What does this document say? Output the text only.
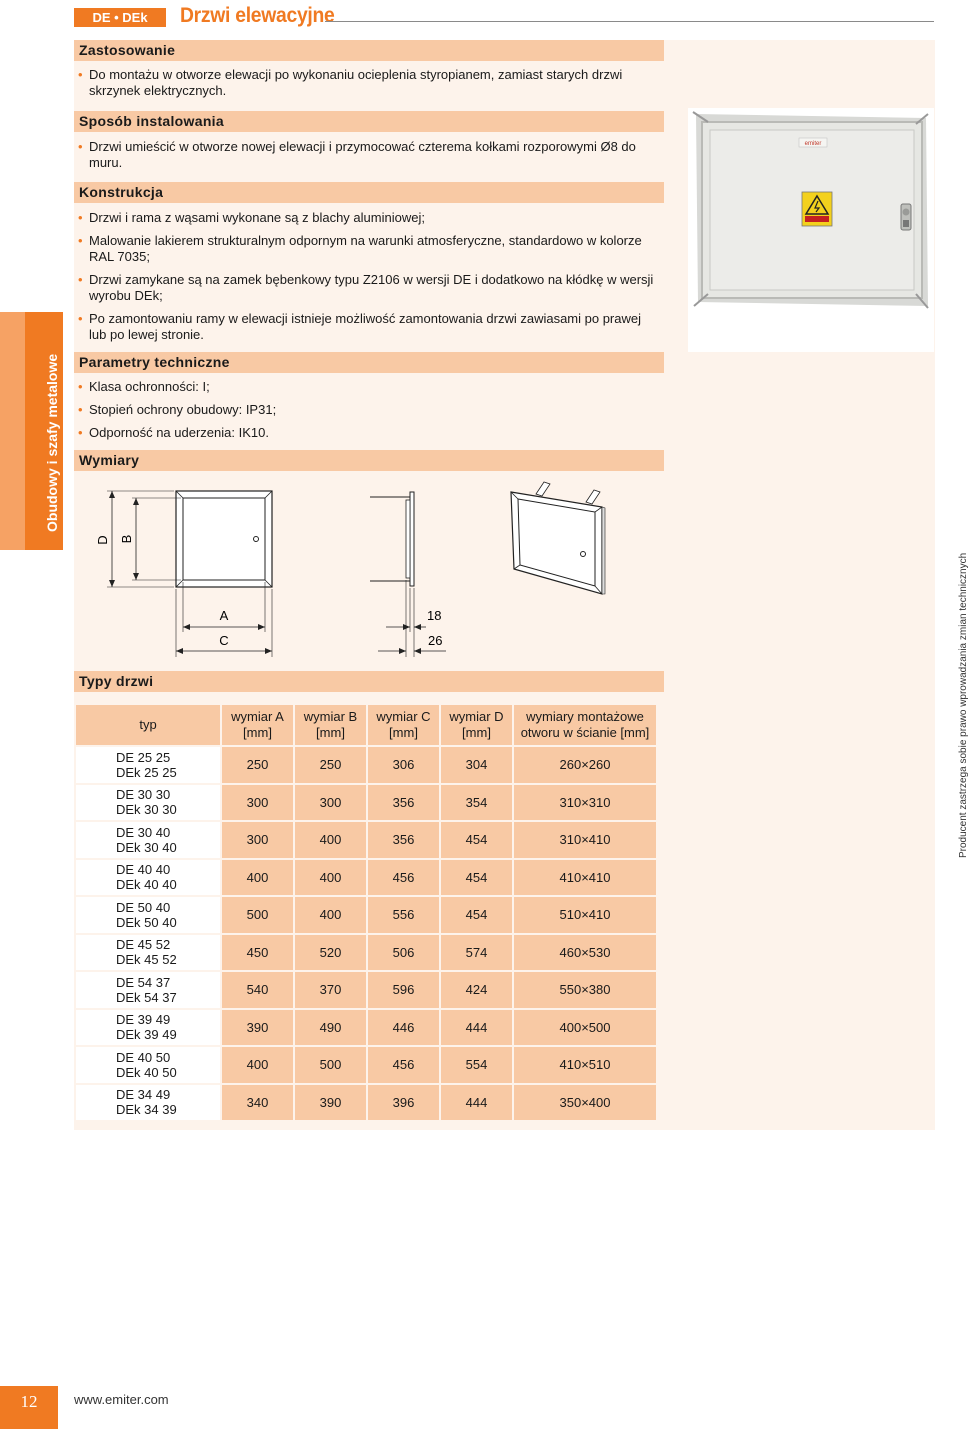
DE • DEk	Drzwi elewacyjne
Obudowy i szafy metalowe
Producent zastrzega sobie prawo wprowadzania zmian technicznych
Zastosowanie
• Do montażu w otworze elewacji po wykonaniu ocieplenia styropianem, zamiast starych drzwi skrzynek elektrycznych.
Sposób instalowania
• Drzwi umieścić w otworze nowej elewacji i przymocować czterema kołkami rozporowymi Ø8 do muru.
Konstrukcja
• Drzwi i rama z wąsami wykonane są z blachy aluminiowej;
• Malowanie lakierem strukturalnym odpornym na warunki atmosferyczne, standardowo w kolorze RAL 7035;
• Drzwi zamykane są na zamek bębenkowy typu Z2106 w wersji DE i dodatkowo na kłódkę w wersji wyrobu DEk;
• Po zamontowaniu ramy w elewacji istnieje możliwość zamontowania drzwi zawiasami po prawej lub po lewej stronie.
Parametry techniczne
• Klasa ochronności: I;
• Stopień ochrony obudowy: IP31;
• Odporność na uderzenia: IK10.
Wymiary
emiter
D B
A
C
18
26
Typy drzwi
typ	wymiar A [mm]	wymiar B [mm]	wymiar C [mm]	wymiar D [mm]	wymiary montażowe otworu w ścianie [mm]

DE 25 25
DEk 25 25	250	250	306	304	260×260

DE 30 30
DEk 30 30	300	300	356	354	310×310

DE 30 40
DEk 30 40	300	400	356	454	310×410

DE 40 40
DEk 40 40	400	400	456	454	410×410

DE 50 40
DEk 50 40	500	400	556	454	510×410

DE 45 52
DEk 45 52	450	520	506	574	460×530

DE 54 37
DEk 54 37	540	370	596	424	550×380

DE 39 49
DEk 39 49	390	490	446	444	400×500

DE 40 50
DEk 40 50	400	500	456	554	410×510

DE 34 49
DEk 34 39	340	390	396	444	350×400
12	www.emiter.com
